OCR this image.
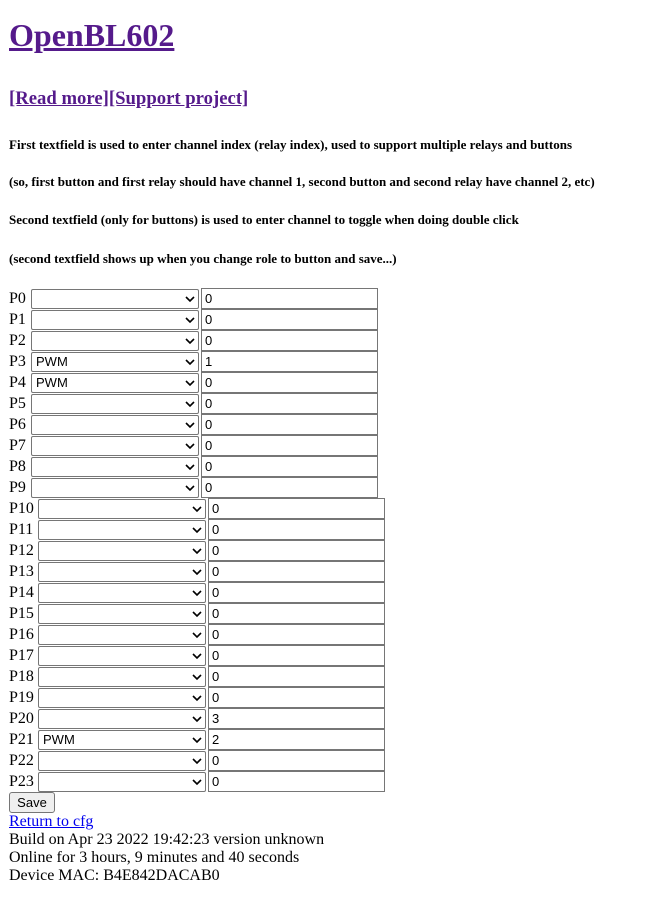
OpenBL602
[Read more][Support project]
First textfield is used to enter channel index (relay index), used to support multiple relays and buttons
(so, first button and first relay should have channel 1, second button and second relay have channel 2, etc)
Second textfield (only for buttons) is used to enter channel to toggle when doing double click
(second textfield shows up when you change role to button and save...)
P0	0
P1	0
P2	0
P3 PWM	1
P4 PWM	0
P5	0
P6	0
P7	0
P8	0
P9	0
P10	0
P11	0
P12	0
P13	0
P14	0
P15	0
P16	0
P17	0
P18	0
P19	0
P20	3
P21 PWM	2
P22	0
P23	0
Save
Return to cfg
Build on Apr 23 2022 19:42:23 version unknown
Online for 3 hours, 9 minutes and 40 seconds
Device MAC: B4E842DACAB0
